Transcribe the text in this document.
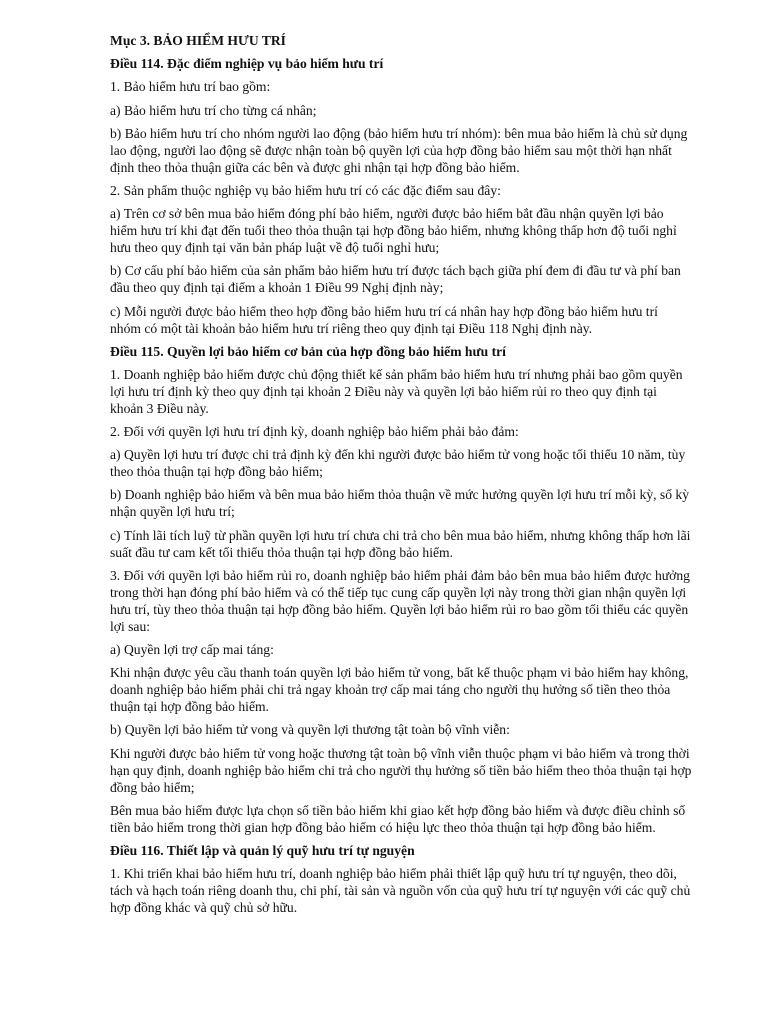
Mục 3. BẢO HIỂM HƯU TRÍ

Điều 114. Đặc điểm nghiệp vụ bảo hiểm hưu trí

1. Bảo hiểm hưu trí bao gồm:

a) Bảo hiểm hưu trí cho từng cá nhân;

b) Bảo hiểm hưu trí cho nhóm người lao động (bảo hiểm hưu trí nhóm): bên mua bảo hiểm là chủ sử dụng lao động, người lao động sẽ được nhận toàn bộ quyền lợi của hợp đồng bảo hiểm sau một thời hạn nhất định theo thỏa thuận giữa các bên và được ghi nhận tại hợp đồng bảo hiểm.

2. Sản phẩm thuộc nghiệp vụ bảo hiểm hưu trí có các đặc điểm sau đây:

a) Trên cơ sở bên mua bảo hiểm đóng phí bảo hiểm, người được bảo hiểm bắt đầu nhận quyền lợi bảo hiểm hưu trí khi đạt đến tuổi theo thỏa thuận tại hợp đồng bảo hiểm, nhưng không thấp hơn độ tuổi nghỉ hưu theo quy định tại văn bản pháp luật về độ tuổi nghỉ hưu;

b) Cơ cấu phí bảo hiểm của sản phẩm bảo hiểm hưu trí được tách bạch giữa phí đem đi đầu tư và phí ban đầu theo quy định tại điểm a khoản 1 Điều 99 Nghị định này;

c) Mỗi người được bảo hiểm theo hợp đồng bảo hiểm hưu trí cá nhân hay hợp đồng bảo hiểm hưu trí nhóm có một tài khoản bảo hiểm hưu trí riêng theo quy định tại Điều 118 Nghị định này.

Điều 115. Quyền lợi bảo hiểm cơ bản của hợp đồng bảo hiểm hưu trí

1. Doanh nghiệp bảo hiểm được chủ động thiết kế sản phẩm bảo hiểm hưu trí nhưng phải bao gồm quyền lợi hưu trí định kỳ theo quy định tại khoản 2 Điều này và quyền lợi bảo hiểm rủi ro theo quy định tại khoản 3 Điều này.

2. Đối với quyền lợi hưu trí định kỳ, doanh nghiệp bảo hiểm phải bảo đảm:

a) Quyền lợi hưu trí được chi trả định kỳ đến khi người được bảo hiểm tử vong hoặc tối thiểu 10 năm, tùy theo thỏa thuận tại hợp đồng bảo hiểm;

b) Doanh nghiệp bảo hiểm và bên mua bảo hiểm thỏa thuận về mức hưởng quyền lợi hưu trí mỗi kỳ, số kỳ nhận quyền lợi hưu trí;

c) Tính lãi tích luỹ từ phần quyền lợi hưu trí chưa chi trả cho bên mua bảo hiểm, nhưng không thấp hơn lãi suất đầu tư cam kết tối thiểu thỏa thuận tại hợp đồng bảo hiểm.

3. Đối với quyền lợi bảo hiểm rủi ro, doanh nghiệp bảo hiểm phải đảm bảo bên mua bảo hiểm được hưởng trong thời hạn đóng phí bảo hiểm và có thể tiếp tục cung cấp quyền lợi này trong thời gian nhận quyền lợi hưu trí, tùy theo thỏa thuận tại hợp đồng bảo hiểm. Quyền lợi bảo hiểm rủi ro bao gồm tối thiểu các quyền lợi sau:

a) Quyền lợi trợ cấp mai táng:

Khi nhận được yêu cầu thanh toán quyền lợi bảo hiểm tử vong, bất kể thuộc phạm vi bảo hiểm hay không, doanh nghiệp bảo hiểm phải chi trả ngay khoản trợ cấp mai táng cho người thụ hưởng số tiền theo thỏa thuận tại hợp đồng bảo hiểm.

b) Quyền lợi bảo hiểm tử vong và quyền lợi thương tật toàn bộ vĩnh viễn:

Khi người được bảo hiểm tử vong hoặc thương tật toàn bộ vĩnh viễn thuộc phạm vi bảo hiểm và trong thời hạn quy định, doanh nghiệp bảo hiểm chi trả cho người thụ hưởng số tiền bảo hiểm theo thỏa thuận tại hợp đồng bảo hiểm;

Bên mua bảo hiểm được lựa chọn số tiền bảo hiểm khi giao kết hợp đồng bảo hiểm và được điều chỉnh số tiền bảo hiểm trong thời gian hợp đồng bảo hiểm có hiệu lực theo thỏa thuận tại hợp đồng bảo hiểm.

Điều 116. Thiết lập và quản lý quỹ hưu trí tự nguyện

1. Khi triển khai bảo hiểm hưu trí, doanh nghiệp bảo hiểm phải thiết lập quỹ hưu trí tự nguyện, theo dõi, tách và hạch toán riêng doanh thu, chi phí, tài sản và nguồn vốn của quỹ hưu trí tự nguyện với các quỹ chủ hợp đồng khác và quỹ chủ sở hữu.
